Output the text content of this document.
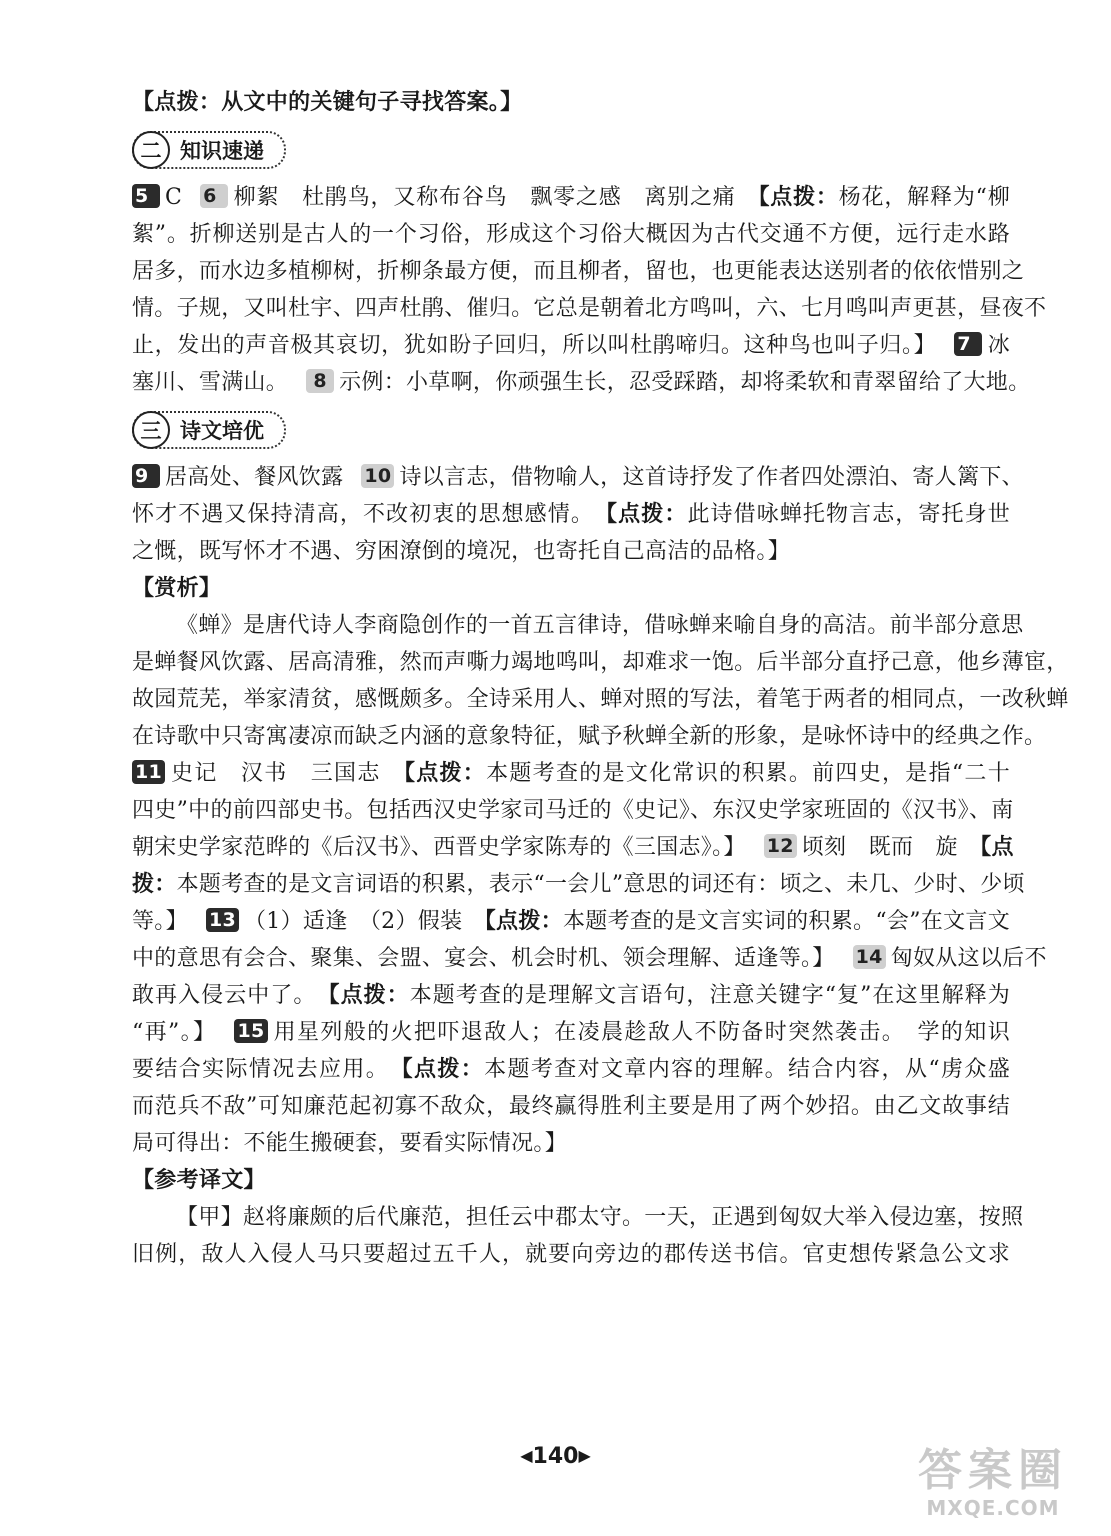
【点拨：从文中的关键句子寻找答案。】
二 知识速递
5 C 6 柳絮　杜鹃鸟，又称布谷鸟　飘零之感　离别之痛　 【点拨：杨花，解释为“柳
絮”。折柳送别是古人的一个习俗，形成这个习俗大概因为古代交通不方便，远行走水路
居多，而水边多植柳树，折柳条最方便，而且柳者，留也，也更能表达送别者的依依惜别之
情。子规，又叫杜宇、四声杜鹃、催归。它总是朝着北方鸣叫，六、七月鸣叫声更甚，昼夜不
止，发出的声音极其哀切，犹如盼子回归，所以叫杜鹃啼归。这种鸟也叫子归。】 7 冰
塞川、雪满山。 8 示例：小草啊，你顽强生长，忍受踩踏，却将柔软和青翠留给了大地。
三 诗文培优
9 居高处、餐风饮露 10 诗以言志，借物喻人，这首诗抒发了作者四处漂泊、寄人篱下、
怀才不遇又保持清高，不改初衷的思想感情。　 【点拨：此诗借咏蝉托物言志，寄托身世
之慨，既写怀才不遇、穷困潦倒的境况，也寄托自己高洁的品格。】
【赏析】
《蝉》是唐代诗人李商隐创作的一首五言律诗，借咏蝉来喻自身的高洁。前半部分意思
是蝉餐风饮露、居高清雅，然而声嘶力竭地鸣叫，却难求一饱。后半部分直抒己意，他乡薄宦，
故园荒芜，举家清贫，感慨颇多。全诗采用人、蝉对照的写法，着笔于两者的相同点，一改秋蝉
在诗歌中只寄寓凄凉而缺乏内涵的意象特征，赋予秋蝉全新的形象，是咏怀诗中的经典之作。
11 史记　汉书　三国志　 【点拨：本题考查的是文化常识的积累。前四史，是指“二十
四史”中的前四部史书。包括西汉史学家司马迁的《史记》、东汉史学家班固的《汉书》、南
朝宋史学家范晔的《后汉书》、西晋史学家陈寿的《三国志》。】 12 顷刻　既而　旋　 【点
拨：本题考查的是文言词语的积累，表示“一会儿”意思的词还有：顷之、未几、少时、少顷
等。】 13 （1）适逢　（2）假装　 【点拨：本题考查的是文言实词的积累。“会”在文言文
中的意思有会合、聚集、会盟、宴会、机会时机、领会理解、适逢等。】 14 匈奴从这以后不
敢再入侵云中了。　 【点拨：本题考查的是理解文言语句，注意关键字“复”在这里解释为
“再”。】 15 用星列般的火把吓退敌人；在凌晨趁敌人不防备时突然袭击。　学的知识
要结合实际情况去应用。　 【点拨：本题考查对文章内容的理解。结合内容，从“虏众盛
而范兵不敌”可知廉范起初寡不敌众，最终赢得胜利主要是用了两个妙招。由乙文故事结
局可得出：不能生搬硬套，要看实际情况。】
【参考译文】
【甲】赵将廉颇的后代廉范，担任云中郡太守。一天，正遇到匈奴大举入侵边塞，按照
旧例，敌人入侵人马只要超过五千人，就要向旁边的郡传送书信。官吏想传紧急公文求
◀140▶	答案圈
MXQE.COM
